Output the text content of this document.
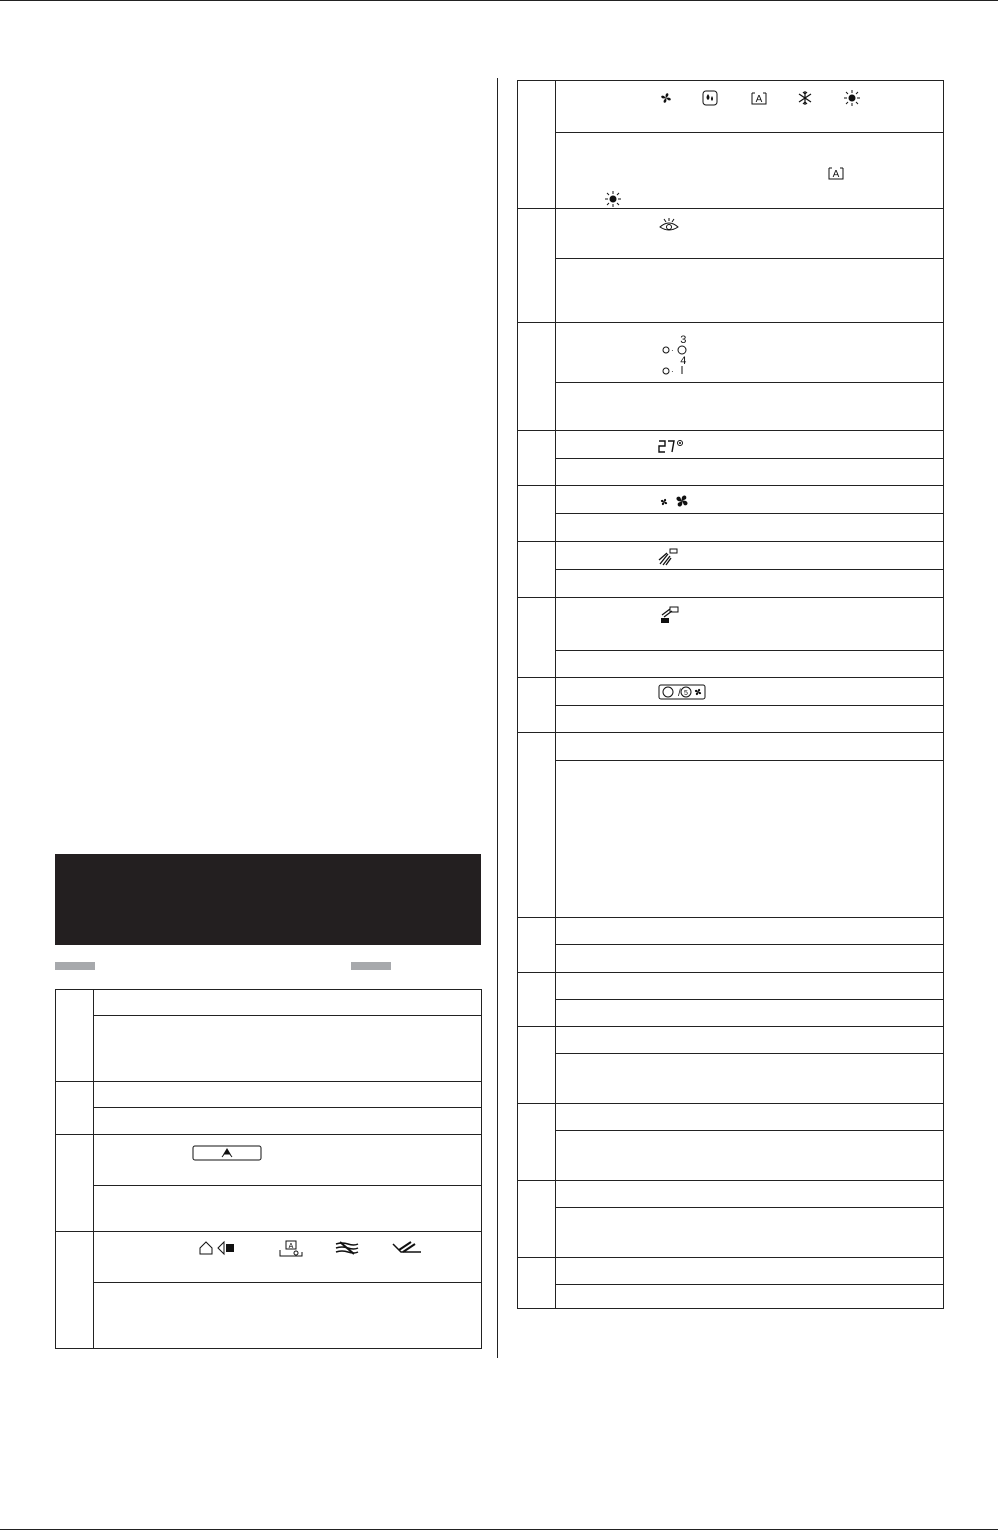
A
A
A
3
·
4
·
/ 5
